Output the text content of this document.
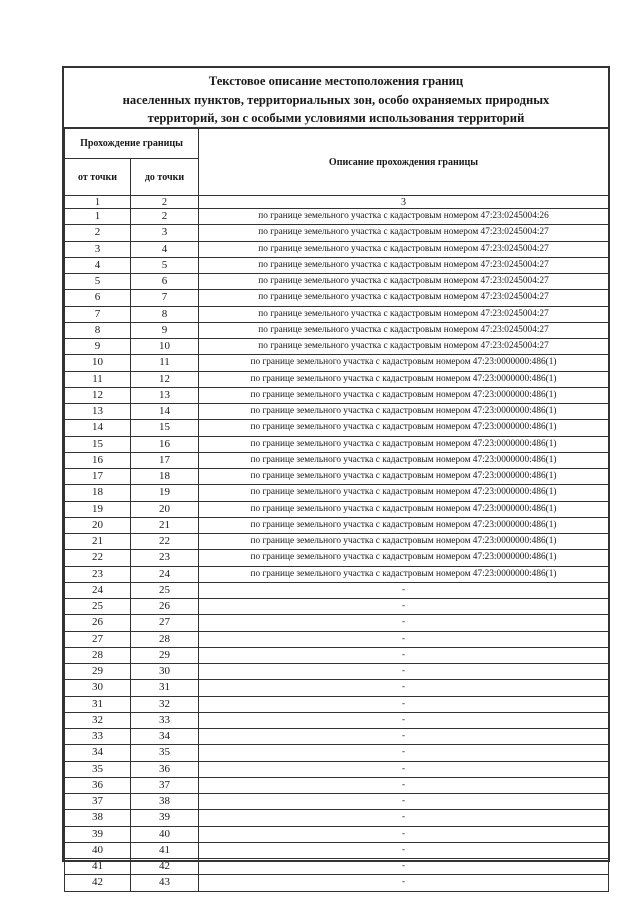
Текстовое описание местоположения границ
населенных пунктов, территориальных зон, особо охраняемых природных
территорий, зон с особыми условиями использования территорий
Прохождение границы		Описание прохождения границы
от точки	до точки	
1	2	3
1	2	по границе земельного участка с кадастровым номером 47:23:0245004:26
2	3	по границе земельного участка с кадастровым номером 47:23:0245004:27
3	4	по границе земельного участка с кадастровым номером 47:23:0245004:27
4	5	по границе земельного участка с кадастровым номером 47:23:0245004:27
5	6	по границе земельного участка с кадастровым номером 47:23:0245004:27
6	7	по границе земельного участка с кадастровым номером 47:23:0245004:27
7	8	по границе земельного участка с кадастровым номером 47:23:0245004:27
8	9	по границе земельного участка с кадастровым номером 47:23:0245004:27
9	10	по границе земельного участка с кадастровым номером 47:23:0245004:27
10	11	по границе земельного участка с кадастровым номером 47:23:0000000:486(1)
11	12	по границе земельного участка с кадастровым номером 47:23:0000000:486(1)
12	13	по границе земельного участка с кадастровым номером 47:23:0000000:486(1)
13	14	по границе земельного участка с кадастровым номером 47:23:0000000:486(1)
14	15	по границе земельного участка с кадастровым номером 47:23:0000000:486(1)
15	16	по границе земельного участка с кадастровым номером 47:23:0000000:486(1)
16	17	по границе земельного участка с кадастровым номером 47:23:0000000:486(1)
17	18	по границе земельного участка с кадастровым номером 47:23:0000000:486(1)
18	19	по границе земельного участка с кадастровым номером 47:23:0000000:486(1)
19	20	по границе земельного участка с кадастровым номером 47:23:0000000:486(1)
20	21	по границе земельного участка с кадастровым номером 47:23:0000000:486(1)
21	22	по границе земельного участка с кадастровым номером 47:23:0000000:486(1)
22	23	по границе земельного участка с кадастровым номером 47:23:0000000:486(1)
23	24	по границе земельного участка с кадастровым номером 47:23:0000000:486(1)
24	25	-
25	26	-
26	27	-
27	28	-
28	29	-
29	30	-
30	31	-
31	32	-
32	33	-
33	34	-
34	35	-
35	36	-
36	37	-
37	38	-
38	39	-
39	40	-
40	41	-
41	42	-
42	43	-
